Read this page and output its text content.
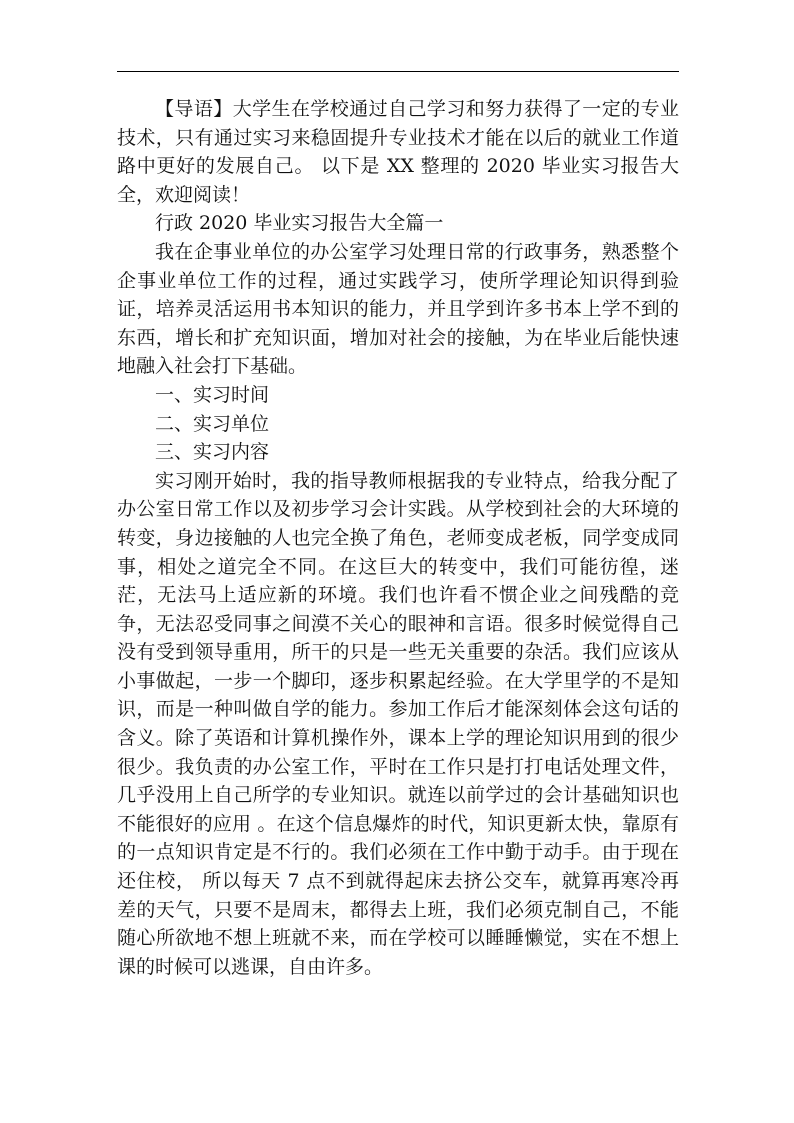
【导语】大学生在学校通过自己学习和努力获得了一定的专业技术，只有通过实习来稳固提升专业技术才能在以后的就业工作道路中更好的发展自己。 以下是 XX 整理的 2020 毕业实习报告大全，欢迎阅读！

行政 2020 毕业实习报告大全篇一

我在企事业单位的办公室学习处理日常的行政事务，熟悉整个企事业单位工作的过程，通过实践学习，使所学理论知识得到验证，培养灵活运用书本知识的能力，并且学到许多书本上学不到的东西，增长和扩充知识面，增加对社会的接触，为在毕业后能快速地融入社会打下基础。

一、实习时间

二、实习单位

三、实习内容

实习刚开始时，我的指导教师根据我的专业特点，给我分配了办公室日常工作以及初步学习会计实践。从学校到社会的大环境的转变，身边接触的人也完全换了角色，老师变成老板，同学变成同事，相处之道完全不同。在这巨大的转变中，我们可能彷徨，迷茫，无法马上适应新的环境。我们也许看不惯企业之间残酷的竞争，无法忍受同事之间漠不关心的眼神和言语。很多时候觉得自己没有受到领导重用，所干的只是一些无关重要的杂活。我们应该从小事做起，一步一个脚印，逐步积累起经验。在大学里学的不是知识，而是一种叫做自学的能力。参加工作后才能深刻体会这句话的含义。除了英语和计算机操作外，课本上学的理论知识用到的很少很少。我负责的办公室工作，平时在工作只是打打电话处理文件，几乎没用上自己所学的专业知识。就连以前学过的会计基础知识也不能很好的应用 。在这个信息爆炸的时代，知识更新太快，靠原有的一点知识肯定是不行的。我们必须在工作中勤于动手。由于现在还住校， 所以每天 7 点不到就得起床去挤公交车，就算再寒冷再差的天气，只要不是周末，都得去上班，我们必须克制自己，不能随心所欲地不想上班就不来，而在学校可以睡睡懒觉，实在不想上课的时候可以逃课，自由许多。
